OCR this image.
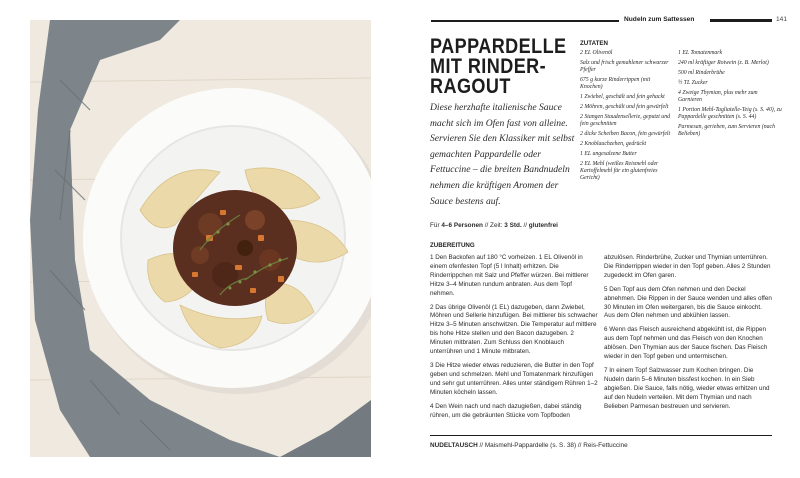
Nudeln zum Sattessen	141
PAPPARDELLE
MIT RINDER-
RAGOUT

Diese herzhafte italienische Sauce macht sich im Ofen fast von alleine. Servieren Sie den Klassiker mit selbst gemachten Pappardelle oder Fettuccine – die breiten Bandnudeln nehmen die kräftigen Aromen der Sauce bestens auf.

ZUTATEN
2 EL Olivenöl
Salz und frisch gemahlener schwarzer Pfeffer
675 g kurze Rinderrippen (mit Knochen)
1 Zwiebel, geschält und fein gehackt
2 Möhren, geschält und fein gewürfelt
2 Stangen Staudensellerie, geputzt und fein geschnitten
2 dicke Scheiben Bacon, fein gewürfelt
2 Knoblauchzehen, gedrückt
1 EL ungesalzene Butter
2 EL Mehl (weißes Reismehl oder Kartoffelmehl für ein glutenfreies Gericht)
1 EL Tomatenmark
240 ml kräftiger Rotwein (z. B. Merlot)
500 ml Rinderbrühe
½ TL Zucker
4 Zweige Thymian, plus mehr zum Garnieren
1 Portion Mehl-Tagliatelle-Teig (s. S. 40), zu Pappardelle geschnitten (s. S. 44)
Parmesan, gerieben, zum Servieren (nach Belieben)
Für 4–6 Personen // Zeit: 3 Std. // glutenfrei
ZUBEREITUNG

1 Den Backofen auf 180 °C vorheizen. 1 EL Olivenöl in einem ofenfesten Topf (5 l Inhalt) erhitzen. Die Rinderrippchen mit Salz und Pfeffer würzen. Bei mittlerer Hitze 3–4 Minuten rundum anbraten. Aus dem Topf nehmen.

2 Das übrige Olivenöl (1 EL) dazugeben, dann Zwiebel, Möhren und Sellerie hinzufügen. Bei mittlerer bis schwacher Hitze 3–5 Minuten anschwitzen. Die Temperatur auf mittlere bis hohe Hitze stellen und den Bacon dazugeben. 2 Minuten mitbraten. Zum Schluss den Knoblauch unterrühren und 1 Minute mitbraten.

3 Die Hitze wieder etwas reduzieren, die Butter in den Topf geben und schmelzen. Mehl und Tomatenmark hinzufügen und sehr gut unterrühren. Alles unter ständigem Rühren 1–2 Minuten köcheln lassen.

4 Den Wein nach und nach dazugießen, dabei ständig rühren, um die gebräunten Stücke vom Topfboden

abzulösen. Rinderbrühe, Zucker und Thymian unterrühren. Die Rinderrippen wieder in den Topf geben. Alles 2 Stunden zugedeckt im Ofen garen.

5 Den Topf aus dem Ofen nehmen und den Deckel abnehmen. Die Rippen in der Sauce wenden und alles offen 30 Minuten im Ofen weitergaren, bis die Sauce einkocht. Aus dem Ofen nehmen und abkühlen lassen.

6 Wenn das Fleisch ausreichend abgekühlt ist, die Rippen aus dem Topf nehmen und das Fleisch von den Knochen ablösen. Den Thymian aus der Sauce fischen. Das Fleisch wieder in den Topf geben und untermischen.

7 In einem Topf Salzwasser zum Kochen bringen. Die Nudeln darin 5–6 Minuten bissfest kochen. In ein Sieb abgießen. Die Sauce, falls nötig, wieder etwas erhitzen und auf den Nudeln verteilen. Mit dem Thymian und nach Belieben Parmesan bestreuen und servieren.

NUDELTAUSCH // Maismehl-Pappardelle (s. S. 38) // Reis-Fettuccine
